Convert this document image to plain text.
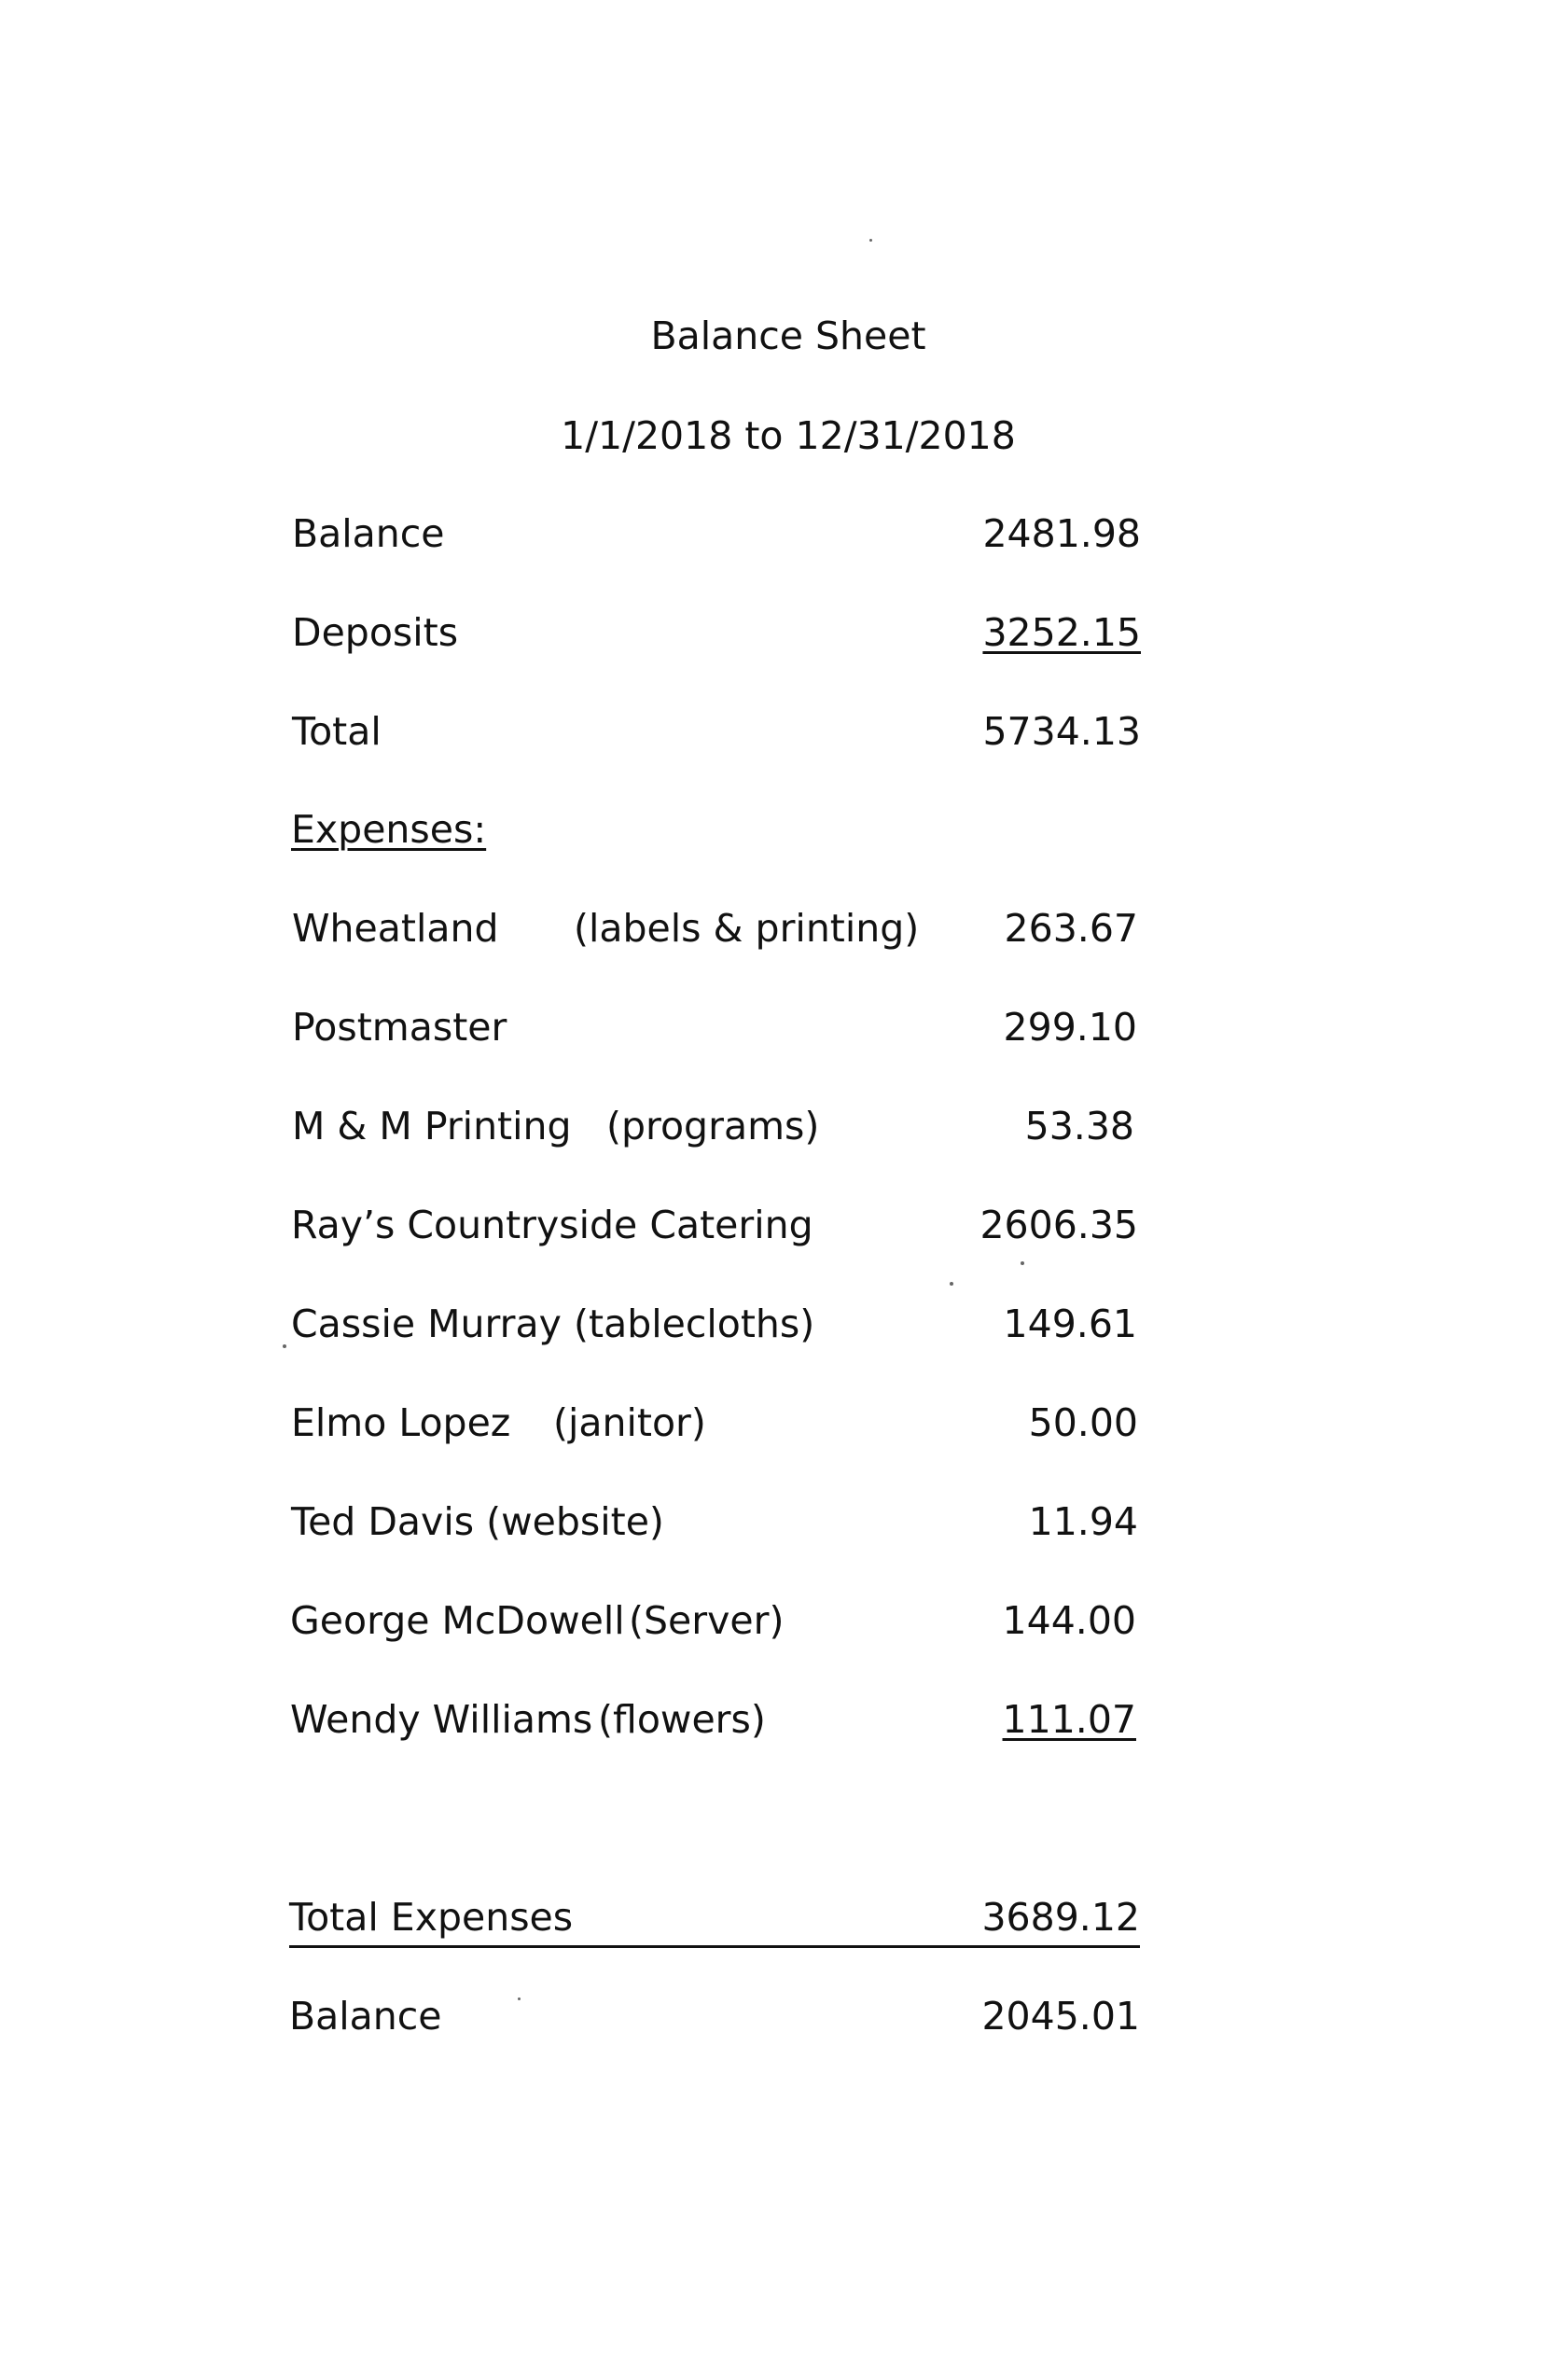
Balance Sheet
1/1/2018 to 12/31/2018
Balance	2481.98
Deposits	3252.15
Total	5734.13
Expenses:
Wheatland (labels & printing) 263.67
Postmaster	299.10
M & M Printing (programs)	53.38
Ray’s Countryside Catering	2606.35
Cassie Murray (tablecloths)	149.61
Elmo Lopez (janitor)	50.00
Ted Davis (website)	11.94
George McDowell (Server)	144.00
Wendy Williams (flowers)	111.07
Total Expenses	3689.12
Balance	2045.01
